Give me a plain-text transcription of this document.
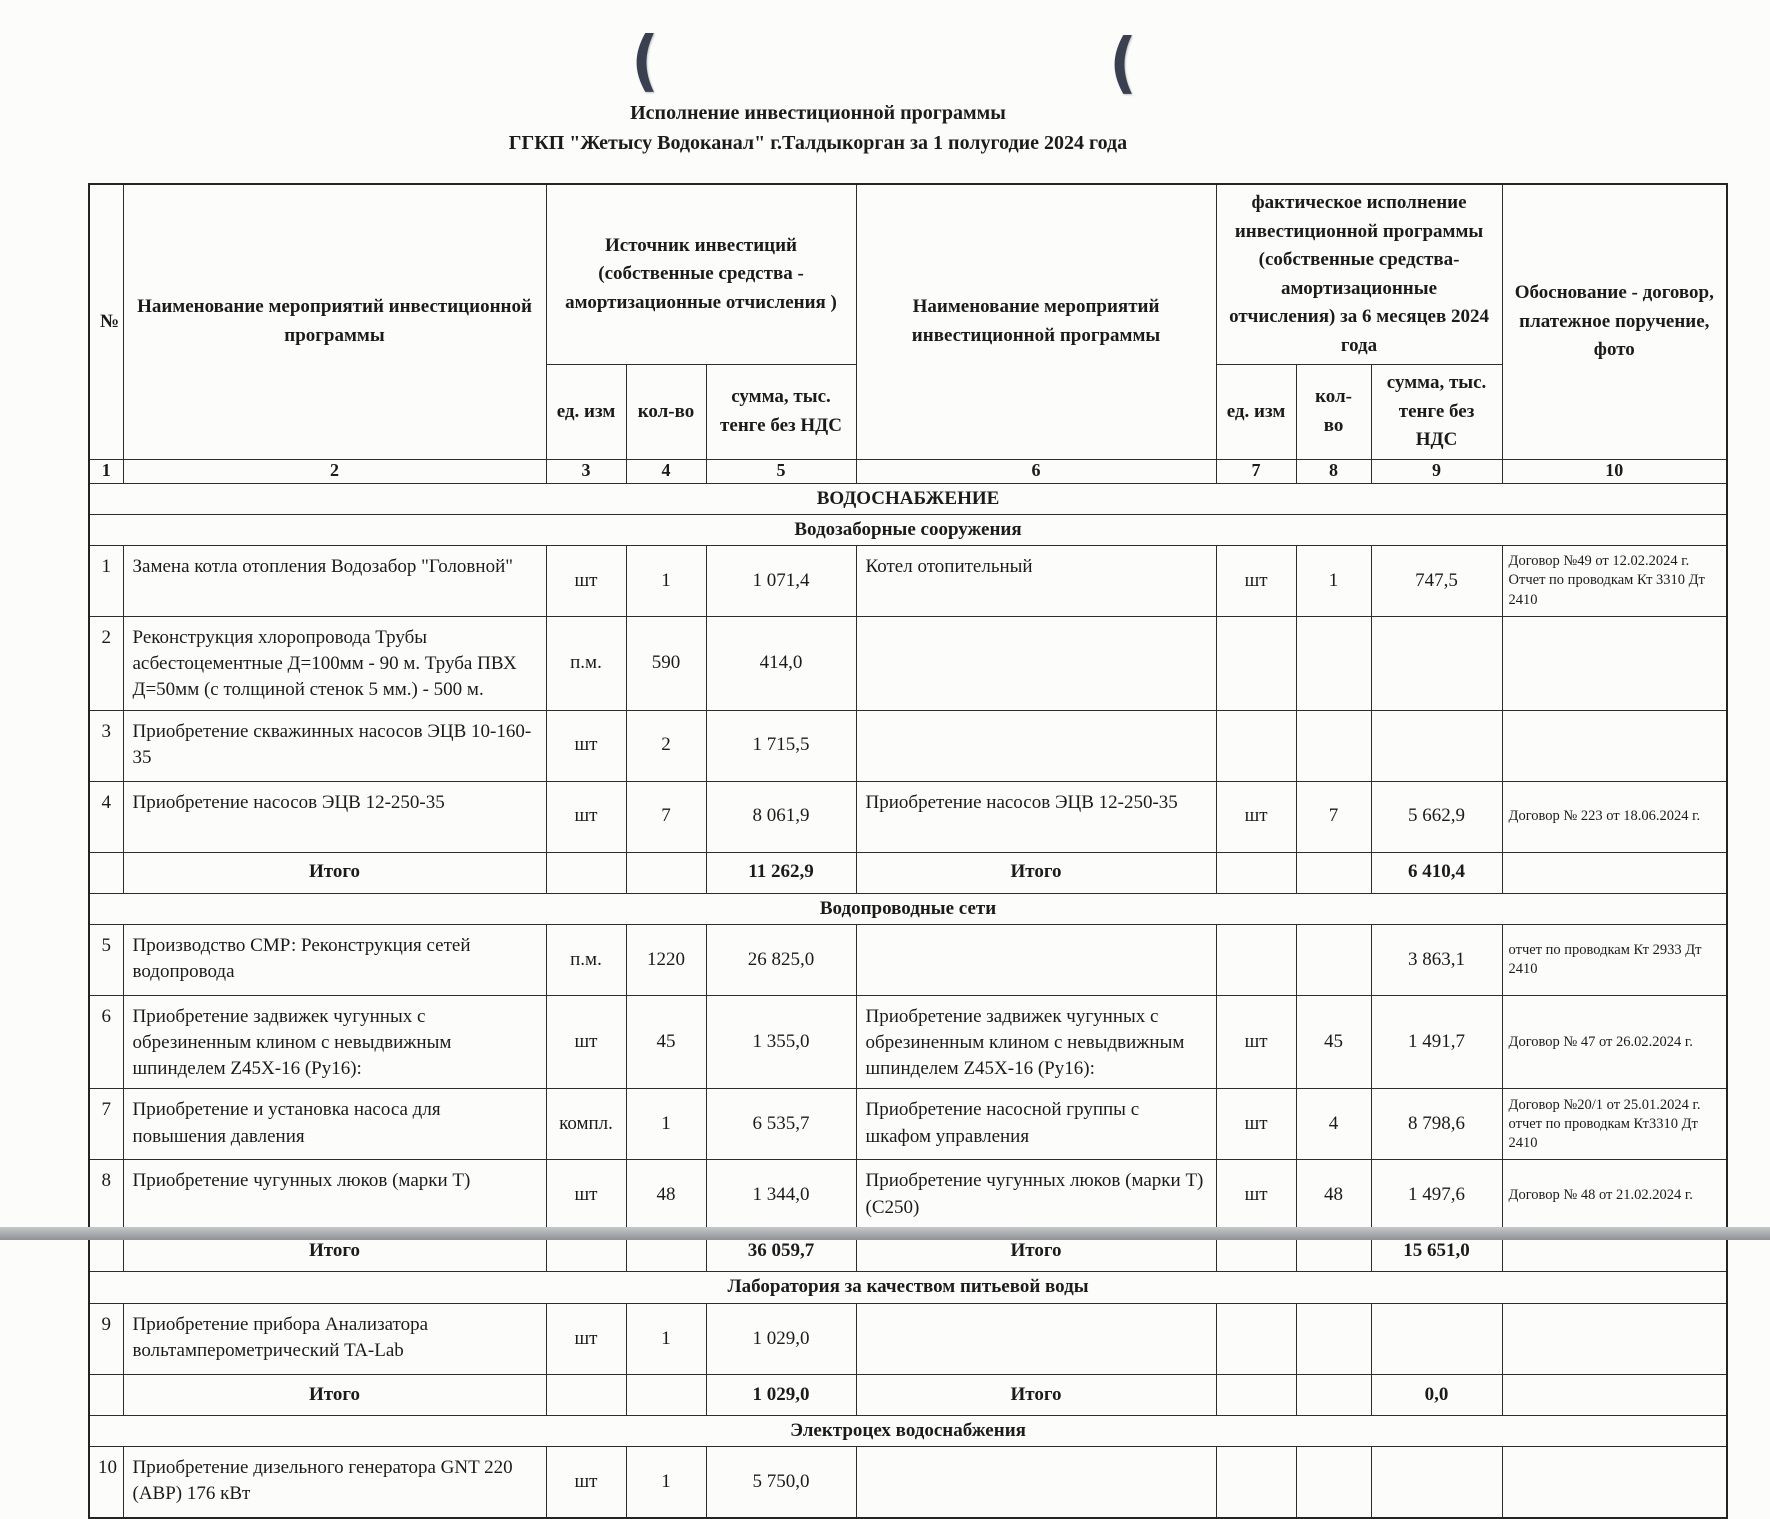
(	(
Исполнение инвестиционной программы
ГГКП "Жетысу Водоканал" г.Талдыкорган за 1 полугодие 2024 года
№	Наименование мероприятий инвестиционной программы	Источник инвестиций (собственные средства - амортизационные отчисления )			Наименование мероприятий инвестиционной программы	фактическое исполнение инвестиционной программы (собственные средства- амортизационные отчисления) за 6 месяцев 2024 года			Обоснование - договор, платежное поручение, фото
		ед. изм	кол-во	сумма, тыс. тенге без НДС		ед. изм	кол-во	сумма, тыс. тенге без НДС	
1	2	3	4	5	6	7	8	9	10
ВОДОСНАБЖЕНИЕ									
Водозаборные сооружения									
1	Замена котла отопления Водозабор "Головной"	шт	1	1 071,4	Котел отопительный	шт	1	747,5	Договор №49 от 12.02.2024 г. Отчет по проводкам Кт 3310 Дт 2410
2	Реконструкция хлоропровода Трубы асбестоцементные Д=100мм - 90 м. Труба ПВХ Д=50мм (с толщиной стенок 5 мм.) - 500 м.	п.м.	590	414,0					
3	Приобретение скважинных насосов ЭЦВ 10-160-35	шт	2	1 715,5					
4	Приобретение насосов ЭЦВ 12-250-35	шт	7	8 061,9	Приобретение насосов ЭЦВ 12-250-35	шт	7	5 662,9	Договор № 223 от 18.06.2024 г.
	Итого			11 262,9	Итого			6 410,4	
Водопроводные сети									
5	Производство СМР: Реконструкция сетей водопровода	п.м.	1220	26 825,0				3 863,1	отчет по проводкам Кт 2933 Дт 2410
6	Приобретение задвижек чугунных с обрезиненным клином с невыдвижным шпинделем Z45X-16 (Ру16):	шт	45	1 355,0	Приобретение задвижек чугунных с обрезиненным клином с невыдвижным шпинделем Z45X-16 (Ру16):	шт	45	1 491,7	Договор № 47 от 26.02.2024 г.
7	Приобретение и установка насоса для повышения давления	компл.	1	6 535,7	Приобретение насосной группы с шкафом управления	шт	4	8 798,6	Договор №20/1 от 25.01.2024 г. отчет по проводкам Кт3310 Дт 2410
8	Приобретение чугунных люков (марки Т)	шт	48	1 344,0	Приобретение чугунных люков (марки Т) (С250)	шт	48	1 497,6	Договор № 48 от 21.02.2024 г.
	Итого			36 059,7	Итого			15 651,0	
Лаборатория за качеством питьевой воды									
9	Приобретение прибора Анализатора вольтамперометрический TA-Lab	шт	1	1 029,0					
	Итого			1 029,0	Итого			0,0	
Электроцех водоснабжения									
10	Приобретение дизельного генератора GNT 220 (АВР) 176 кВт	шт	1	5 750,0					
